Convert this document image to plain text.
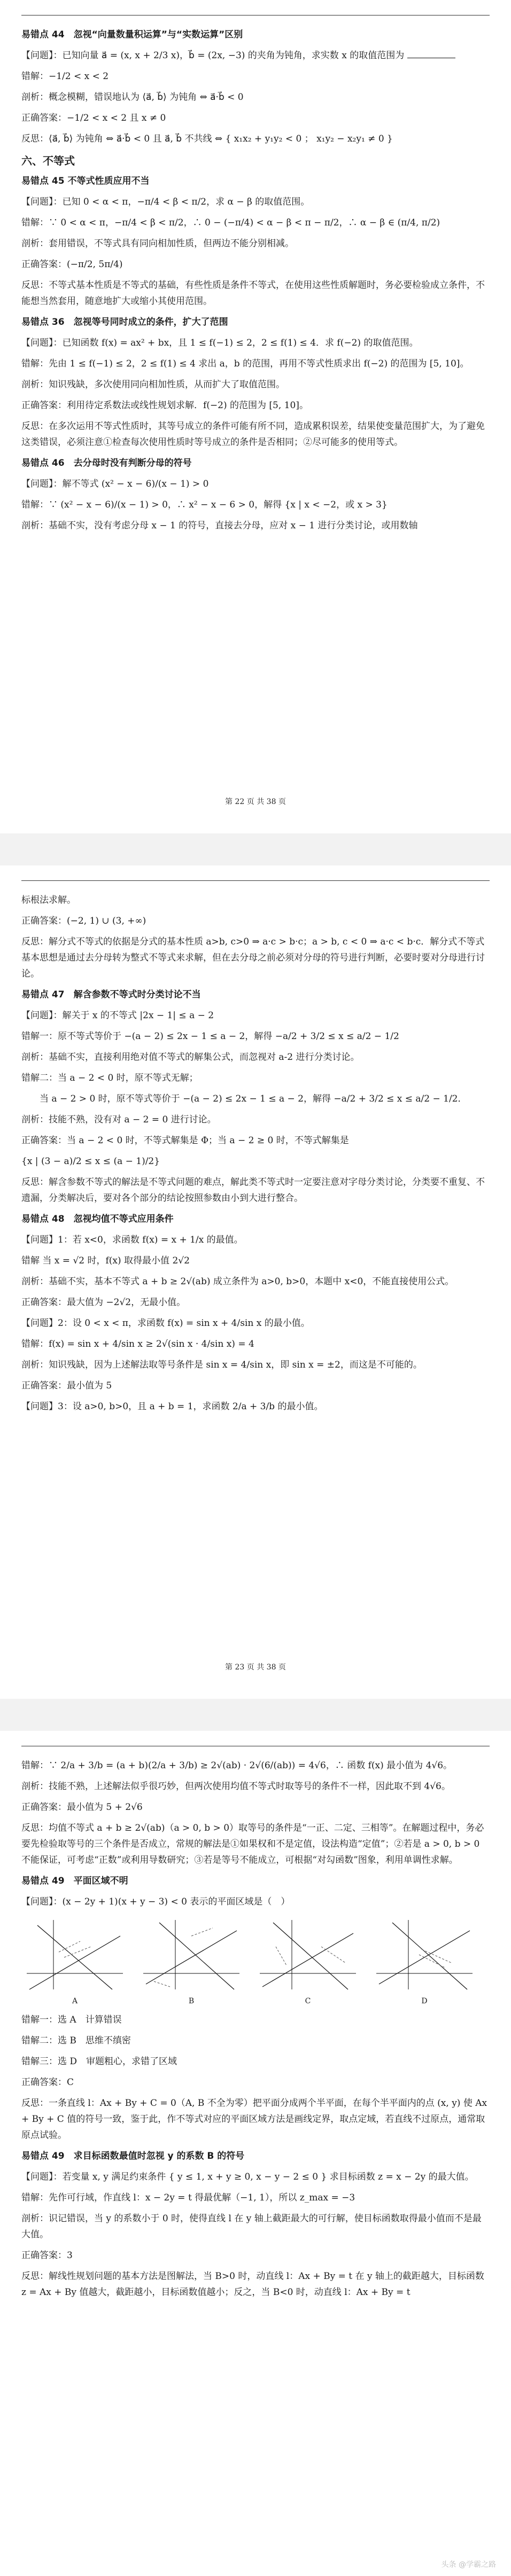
易错点 44　忽视“向量数量积运算”与“实数运算”区别
【问题】：已知向量 a⃗ = (x, x + 2/3 x)，b⃗ = (2x, −3) 的夹角为钝角，求实数 x 的取值范围为
错解：−1/2 < x < 2
剖析：概念模糊，错误地认为 ⟨a⃗, b⃗⟩ 为钝角 ⇔ a⃗·b⃗ < 0
正确答案：−1/2 < x < 2 且 x ≠ 0
反思：⟨a⃗, b⃗⟩ 为钝角 ⇔ a⃗·b⃗ < 0 且 a⃗, b⃗ 不共线 ⇔ { x₁x₂ + y₁y₂ < 0 ； x₁y₂ − x₂y₁ ≠ 0 }
六、不等式
易错点 45 不等式性质应用不当
【问题】：已知 0 < α < π，−π/4 < β < π/2，求 α − β 的取值范围。
错解：∵ 0 < α < π，−π/4 < β < π/2，∴ 0 − (−π/4) < α − β < π − π/2，∴ α − β ∈ (π/4, π/2)
剖析：套用错误，不等式具有同向相加性质，但两边不能分别相减。
正确答案：(−π/2, 5π/4)
反思：不等式基本性质是不等式的基础，有些性质是条件不等式，在使用这些性质解题时，务必要检验成立条件，不能想当然套用，随意地扩大或缩小其使用范围。
易错点 36　忽视等号同时成立的条件，扩大了范围
【问题】：已知函数 f(x) = ax² + bx，且 1 ≤ f(−1) ≤ 2，2 ≤ f(1) ≤ 4．求 f(−2) 的取值范围。
错解：先由 1 ≤ f(−1) ≤ 2，2 ≤ f(1) ≤ 4 求出 a，b 的范围，再用不等式性质求出 f(−2) 的范围为 [5, 10]。
剖析：知识残缺，多次使用同向相加性质，从而扩大了取值范围。
正确答案：利用待定系数法或线性规划求解．f(−2) 的范围为 [5, 10]。
反思：在多次运用不等式性质时，其等号成立的条件可能有所不同，造成累积误差，结果使变量范围扩大，为了避免这类错误，必须注意①检查每次使用性质时等号成立的条件是否相同；②尽可能多的使用等式。
易错点 46　去分母时没有判断分母的符号
【问题】：解不等式 (x² − x − 6)/(x − 1) > 0
错解：∵ (x² − x − 6)/(x − 1) > 0，∴ x² − x − 6 > 0，解得 {x | x < −2，或 x > 3}
剖析：基础不实，没有考虑分母 x − 1 的符号，直接去分母，应对 x − 1 进行分类讨论，或用数轴
第 22 页 共 38 页
标根法求解。
正确答案：(−2, 1) ∪ (3, +∞)
反思：解分式不等式的依据是分式的基本性质 a>b, c>0 ⇒ a·c > b·c；a > b, c < 0 ⇒ a·c < b·c．解分式不等式基本思想是通过去分母转为整式不等式来求解，但在去分母之前必须对分母的符号进行判断，必要时要对分母进行讨论。
易错点 47　解含参数不等式时分类讨论不当
【问题】：解关于 x 的不等式 |2x − 1| ≤ a − 2
错解一：原不等式等价于 −(a − 2) ≤ 2x − 1 ≤ a − 2，解得 −a/2 + 3/2 ≤ x ≤ a/2 − 1/2
剖析：基础不实，直接利用绝对值不等式的解集公式，而忽视对 a-2 进行分类讨论。
错解二：当 a − 2 < 0 时，原不等式无解；
当 a − 2 > 0 时，原不等式等价于 −(a − 2) ≤ 2x − 1 ≤ a − 2，解得 −a/2 + 3/2 ≤ x ≤ a/2 − 1/2．
剖析：技能不熟，没有对 a − 2 = 0 进行讨论。
正确答案：当 a − 2 < 0 时，不等式解集是 Φ；当 a − 2 ≥ 0 时，不等式解集是
{x | (3 − a)/2 ≤ x ≤ (a − 1)/2}
反思：解含参数不等式的解法是不等式问题的难点，解此类不等式时一定要注意对字母分类讨论，分类要不重复、不遗漏，分类解决后，要对各个部分的结论按照参数由小到大进行整合。
易错点 48　忽视均值不等式应用条件
【问题】1：若 x<0，求函数 f(x) = x + 1/x 的最值。
错解 当 x = √2 时，f(x) 取得最小值 2√2
剖析：基础不实，基本不等式 a + b ≥ 2√(ab) 成立条件为 a>0, b>0，本题中 x<0，不能直接使用公式。
正确答案：最大值为 −2√2，无最小值。
【问题】2：设 0 < x < π，求函数 f(x) = sin x + 4/sin x 的最小值。
错解：f(x) = sin x + 4/sin x ≥ 2√(sin x · 4/sin x) = 4
剖析：知识残缺，因为上述解法取等号条件是 sin x = 4/sin x，即 sin x = ±2，而这是不可能的。
正确答案：最小值为 5
【问题】3：设 a>0, b>0，且 a + b = 1，求函数 2/a + 3/b 的最小值。
第 23 页 共 38 页
错解：∵ 2/a + 3/b = (a + b)(2/a + 3/b) ≥ 2√(ab) · 2√(6/(ab)) = 4√6，∴ 函数 f(x) 最小值为 4√6。
剖析：技能不熟，上述解法似乎很巧妙，但两次使用均值不等式时取等号的条件不一样，因此取不到 4√6。
正确答案：最小值为 5 + 2√6
反思：均值不等式 a + b ≥ 2√(ab)（a > 0, b > 0）取等号的条件是“一正、二定、三相等”。在解题过程中，务必要先检验取等号的三个条件是否成立，常规的解法是①如果权和不是定值，设法构造“定值”；②若是 a > 0, b > 0 不能保证，可考虑“正数”或利用导数研究；③若是等号不能成立，可根据“对勾函数”图象，利用单调性求解。
易错点 49　平面区域不明
【问题】：(x − 2y + 1)(x + y − 3) < 0 表示的平面区域是（　）
A	B	C	D
错解一：选 A　计算错误
错解二：选 B　思维不缜密
错解三：选 D　审题粗心，求错了区域
正确答案：C
反思：一条直线 l：Ax + By + C = 0（A, B 不全为零）把平面分成两个半平面，在每个半平面内的点 (x, y) 使 Ax + By + C 值的符号一致，鉴于此，作不等式对应的平面区域方法是画线定界，取点定域，若直线不过原点，通常取原点试验。
易错点 49　求目标函数最值时忽视 y 的系数 B 的符号
【问题】：若变量 x, y 满足约束条件 { y ≤ 1, x + y ≥ 0, x − y − 2 ≤ 0 } 求目标函数 z = x − 2y 的最大值。
错解：先作可行域，作直线 l：x − 2y = t 得最优解（−1, 1），所以 z_max = −3
剖析：识记错误，当 y 的系数小于 0 时，使得直线 l 在 y 轴上截距最大的可行解，使目标函数取得最小值而不是最大值。
正确答案：3
反思：解线性规划问题的基本方法是图解法，当 B>0 时，动直线 l：Ax + By = t 在 y 轴上的截距越大，目标函数 z = Ax + By 值越大，截距越小，目标函数值越小；反之，当 B<0 时，动直线 l：Ax + By = t
头条 @学霸之路
